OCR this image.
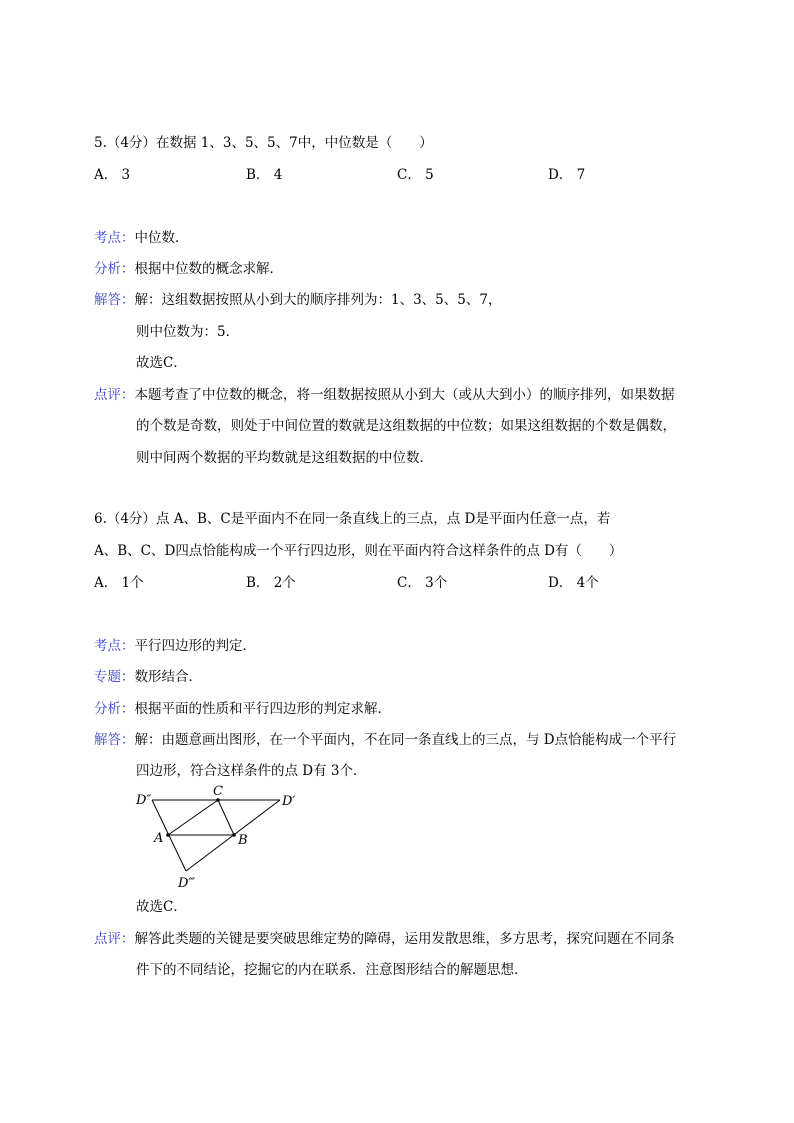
5.（4分）在数据 1、3、5、5、7中，中位数是（　　）
A． 3	B． 4	C． 5	D． 7
考点：中位数．
分析：根据中位数的概念求解．
解答：解：这组数据按照从小到大的顺序排列为：1、3、5、5、7，
则中位数为：5．
故选C．
点评：本题考查了中位数的概念，将一组数据按照从小到大（或从大到小）的顺序排列，如果数据
的个数是奇数，则处于中间位置的数就是这组数据的中位数；如果这组数据的个数是偶数，
则中间两个数据的平均数就是这组数据的中位数．
6.（4分）点 A、B、C是平面内不在同一条直线上的三点，点 D是平面内任意一点，若
A、B、C、D四点恰能构成一个平行四边形，则在平面内符合这样条件的点 D有（　　）
A． 1个	B． 2个	C． 3个	D． 4个
考点：平行四边形的判定．
专题：数形结合．
分析：根据平面的性质和平行四边形的判定求解．
解答：解：由题意画出图形，在一个平面内，不在同一条直线上的三点，与 D点恰能构成一个平行
四边形，符合这样条件的点 D有 3个．
C
D″	D′
A	B
D‴
故选C．
点评：解答此类题的关键是要突破思维定势的障碍，运用发散思维，多方思考，探究问题在不同条
件下的不同结论，挖掘它的内在联系．注意图形结合的解题思想．
